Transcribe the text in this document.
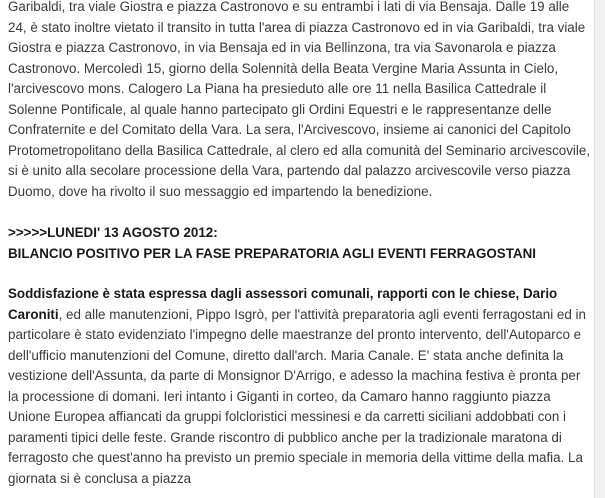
Garibaldi, tra viale Giostra e piazza Castronovo e su entrambi i lati di via Bensaja. Dalle 19 alle 24, è stato inoltre vietato il transito in tutta l'area di piazza Castronovo ed in via Garibaldi, tra viale Giostra e piazza Castronovo, in via Bensaja ed in via Bellinzona, tra via Savonarola e piazza Castronovo. Mercoledì 15, giorno della Solennità della Beata Vergine Maria Assunta in Cielo, l'arcivescovo mons. Calogero La Piana ha presieduto alle ore 11 nella Basilica Cattedrale il Solenne Pontificale, al quale hanno partecipato gli Ordini Equestri e le rappresentanze delle Confraternite e del Comitato della Vara. La sera, l'Arcivescovo, insieme ai canonici del Capitolo Protometropolitano della Basilica Cattedrale, al clero ed alla comunità del Seminario arcivescovile, si è unito alla secolare processione della Vara, partendo dal palazzo arcivescovile verso piazza Duomo, dove ha rivolto il suo messaggio ed impartendo la benedizione.

>>>>>LUNEDI' 13 AGOSTO 2012:
BILANCIO POSITIVO PER LA FASE PREPARATORIA AGLI EVENTI FERRAGOSTANI

Soddisfazione è stata espressa dagli assessori comunali, rapporti con le chiese, Dario Caroniti, ed alle manutenzioni, Pippo Isgrò, per l'attività preparatoria agli eventi ferragostani ed in particolare è stato evidenziato l'impegno delle maestranze del pronto intervento, dell'Autoparco e dell'ufficio manutenzioni del Comune, diretto dall'arch. Maria Canale. E' stata anche definita la vestizione dell'Assunta, da parte di Monsignor D'Arrigo, e adesso la machina festiva è pronta per la processione di domani. Ieri intanto i Giganti in corteo, da Camaro hanno raggiunto piazza Unione Europea affiancati da gruppi folcloristici messinesi e da carretti siciliani addobbati con i paramenti tipici delle feste. Grande riscontro di pubblico anche per la tradizionale maratona di ferragosto che quest'anno ha previsto un premio speciale in memoria della vittime della mafia. La giornata si è conclusa a piazza
